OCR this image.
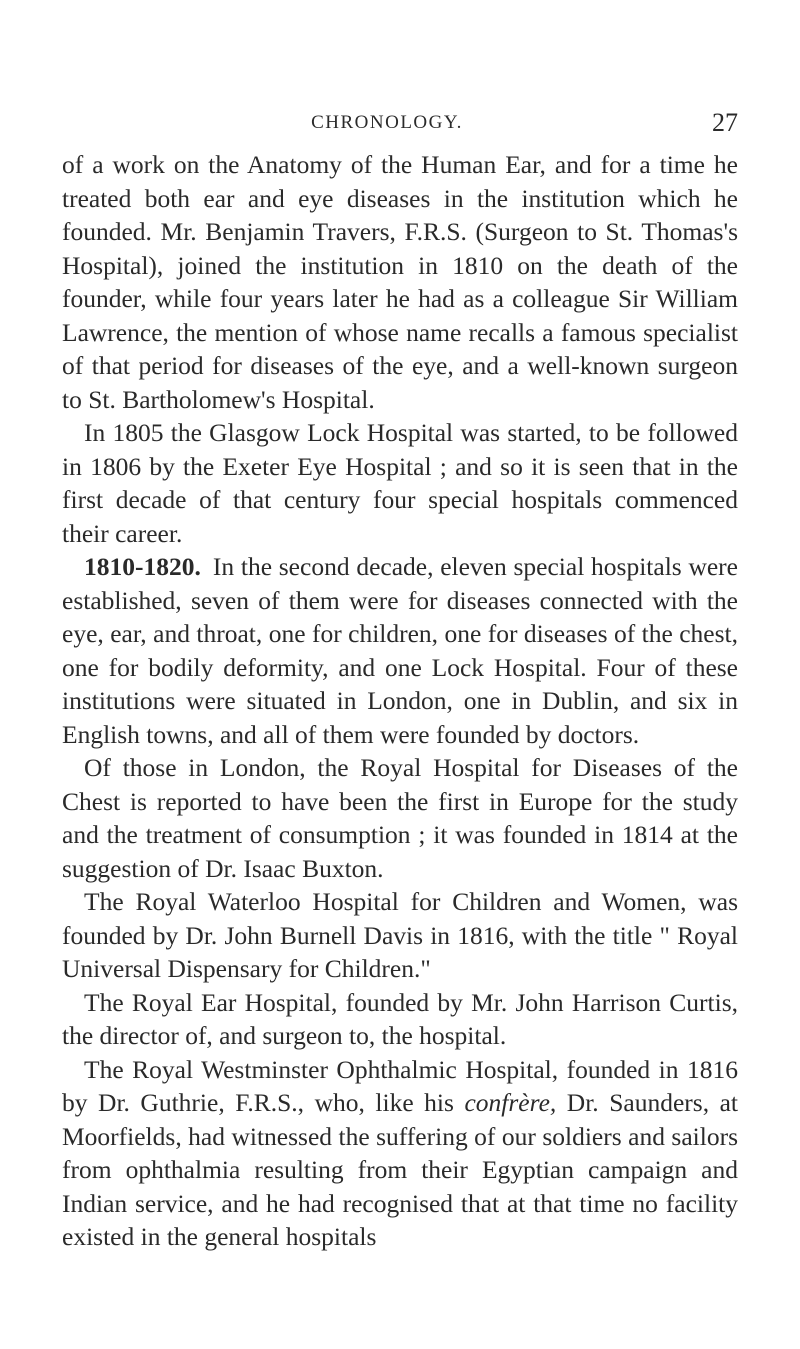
CHRONOLOGY.	27

of a work on the Anatomy of the Human Ear, and for a time he treated both ear and eye diseases in the institution which he founded. Mr. Benjamin Travers, F.R.S. (Surgeon to St. Thomas's Hospital), joined the institution in 1810 on the death of the founder, while four years later he had as a colleague Sir William Lawrence, the mention of whose name recalls a famous specialist of that period for diseases of the eye, and a well-known surgeon to St. Bartholomew's Hospital.

In 1805 the Glasgow Lock Hospital was started, to be followed in 1806 by the Exeter Eye Hospital ; and so it is seen that in the first decade of that century four special hospitals commenced their career.

1810-1820. In the second decade, eleven special hospitals were established, seven of them were for diseases connected with the eye, ear, and throat, one for children, one for diseases of the chest, one for bodily deformity, and one Lock Hospital. Four of these institutions were situated in London, one in Dublin, and six in English towns, and all of them were founded by doctors.

Of those in London, the Royal Hospital for Diseases of the Chest is reported to have been the first in Europe for the study and the treatment of consumption ; it was founded in 1814 at the suggestion of Dr. Isaac Buxton.

The Royal Waterloo Hospital for Children and Women, was founded by Dr. John Burnell Davis in 1816, with the title " Royal Universal Dispensary for Children."

The Royal Ear Hospital, founded by Mr. John Harrison Curtis, the director of, and surgeon to, the hospital.

The Royal Westminster Ophthalmic Hospital, founded in 1816 by Dr. Guthrie, F.R.S., who, like his confrère, Dr. Saunders, at Moorfields, had witnessed the suffering of our soldiers and sailors from ophthalmia resulting from their Egyptian campaign and Indian service, and he had recognised that at that time no facility existed in the general hospitals
